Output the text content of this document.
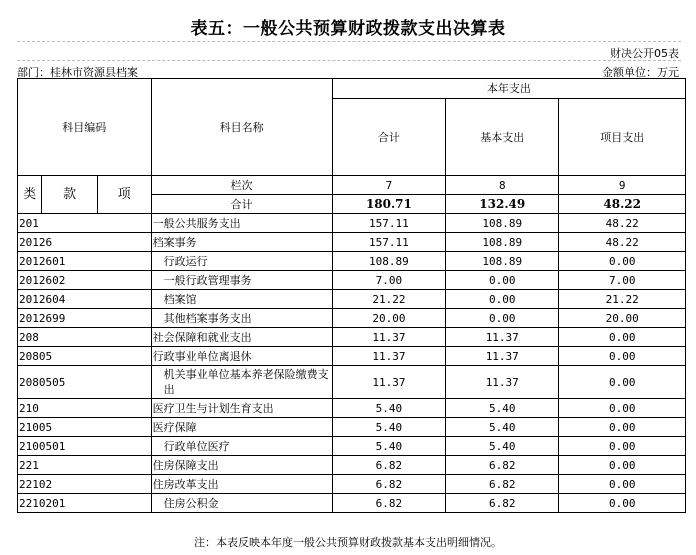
表五：一般公共预算财政拨款支出决算表
财决公开05表
部门：桂林市资源县档案	金额单位：万元
科目编码			科目名称	本年支出		
				合计	基本支出	项目支出
类	款	项	栏次	7	8	9
			合计	180.71	132.49	48.22
201			一般公共服务支出	157.11	108.89	48.22
20126			档案事务	157.11	108.89	48.22
2012601			行政运行	108.89	108.89	0.00
2012602			一般行政管理事务	7.00	0.00	7.00
2012604			档案馆	21.22	0.00	21.22
2012699			其他档案事务支出	20.00	0.00	20.00
208			社会保障和就业支出	11.37	11.37	0.00
20805			行政事业单位离退休	11.37	11.37	0.00
2080505			机关事业单位基本养老保险缴费支出	11.37	11.37	0.00
210			医疗卫生与计划生育支出	5.40	5.40	0.00
21005			医疗保障	5.40	5.40	0.00
2100501			行政单位医疗	5.40	5.40	0.00
221			住房保障支出	6.82	6.82	0.00
22102			住房改革支出	6.82	6.82	0.00
2210201			住房公积金	6.82	6.82	0.00
注：本表反映本年度一般公共预算财政拨款基本支出明细情况。
